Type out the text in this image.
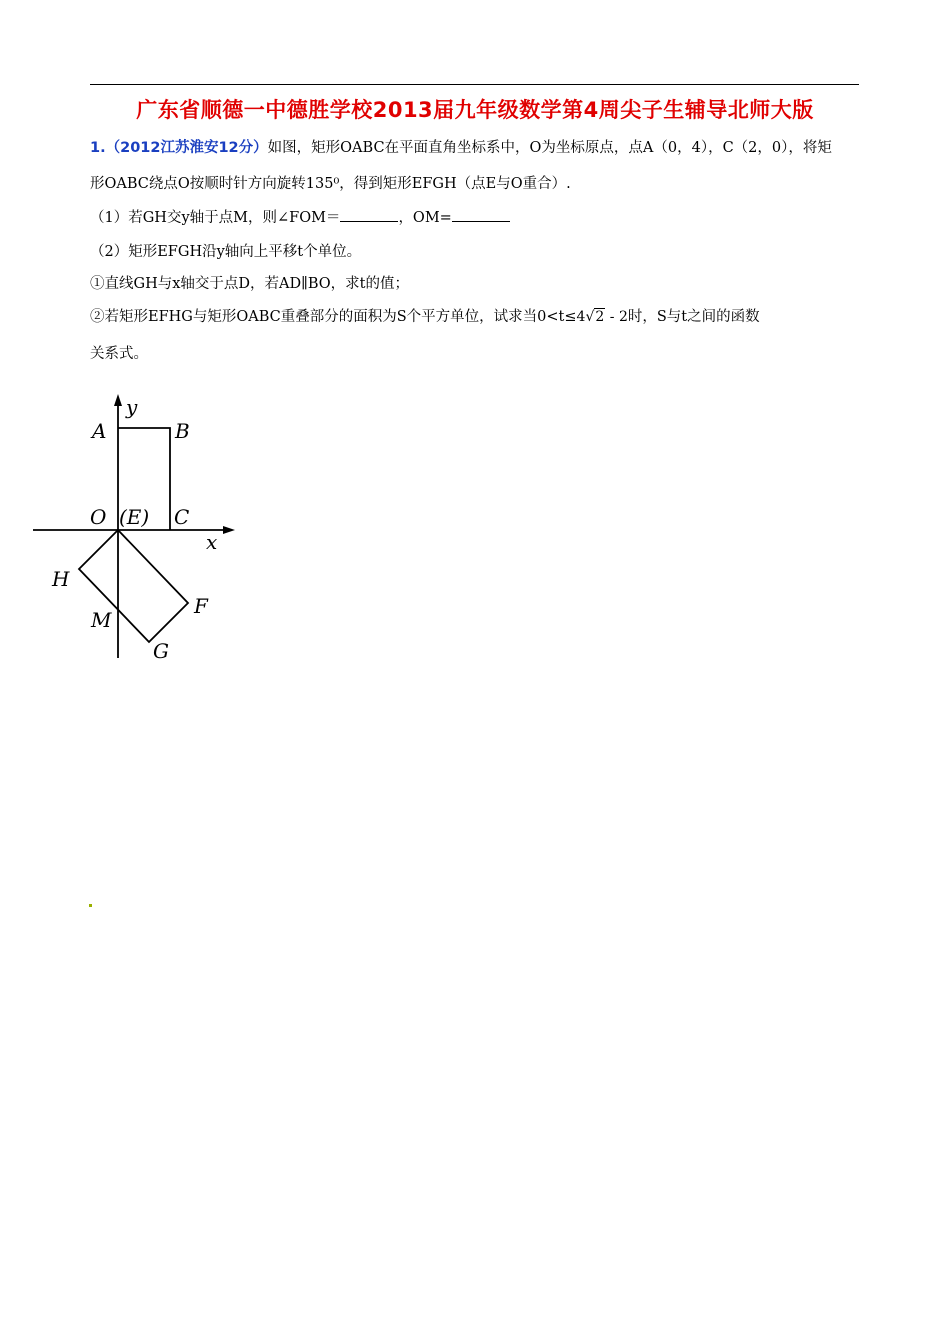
广东省顺德一中德胜学校2013届九年级数学第4周尖子生辅导北师大版
1.（2012江苏淮安12分）如图，矩形OABC在平面直角坐标系中，O为坐标原点，点A（0，4），C（2，0），将矩
形OABC绕点O按顺时针方向旋转135⁰，得到矩形EFGH（点E与O重合）.
（1）若GH交y轴于点M，则∠FOM＝	，OM=
（2）矩形EFGH沿y轴向上平移t个单位。
①直线GH与x轴交于点D，若AD∥BO，求t的值；
②若矩形EFHG与矩形OABC重叠部分的面积为S个平方单位，试求当0<t≤4√2 - 2时，S与t之间的函数
关系式。
y
A	B
O (E) C
x
H
F
M
G
